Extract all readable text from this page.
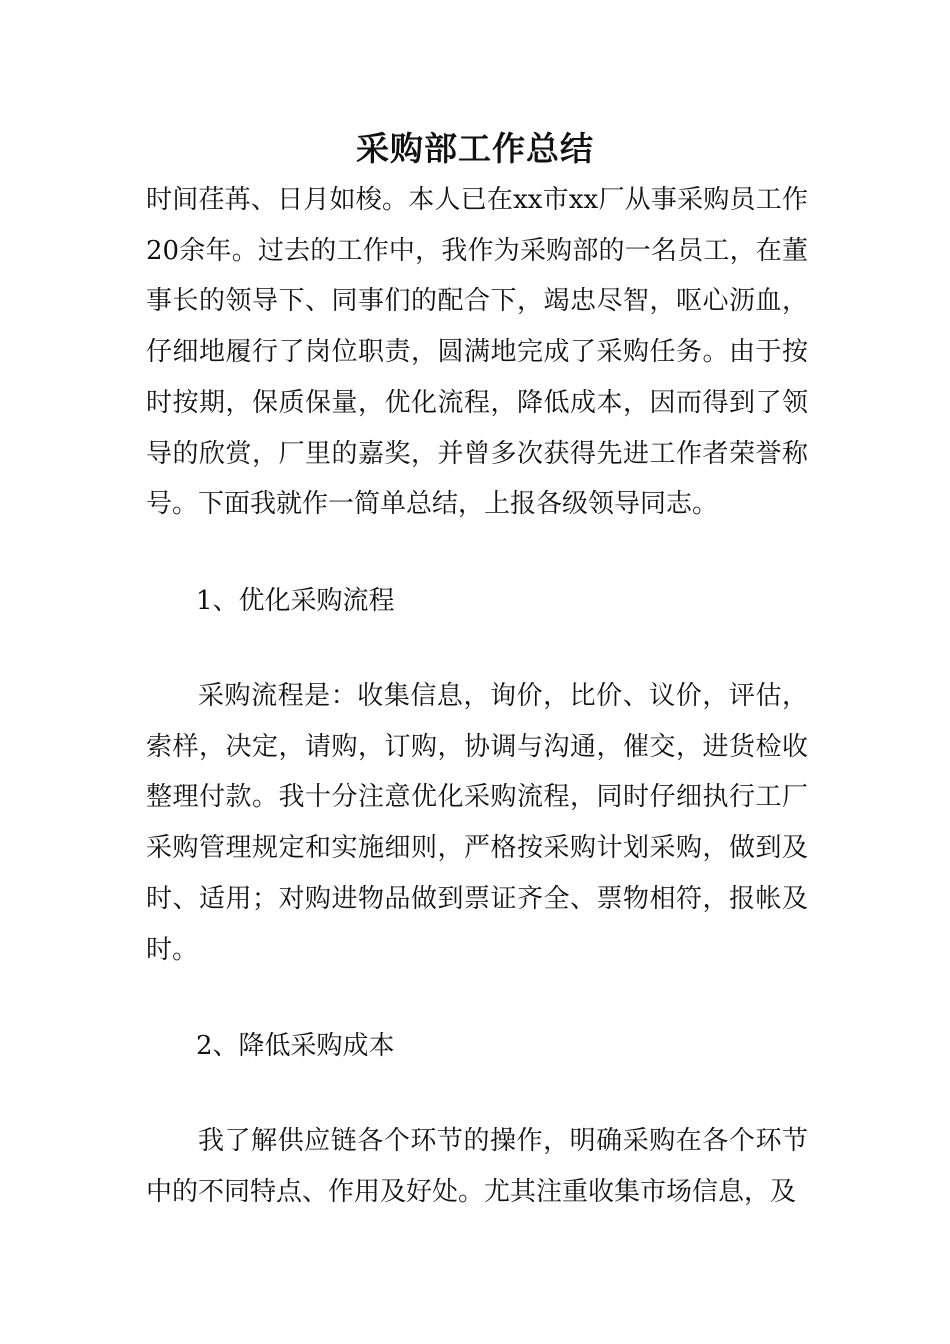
采购部工作总结

时间荏苒、日月如梭。本人已在xx市xx厂从事采购员工作20余年。过去的工作中，我作为采购部的一名员工，在董事长的领导下、同事们的配合下，竭忠尽智，呕心沥血，仔细地履行了岗位职责，圆满地完成了采购任务。由于按时按期，保质保量，优化流程，降低成本，因而得到了领导的欣赏，厂里的嘉奖，并曾多次获得先进工作者荣誉称号。下面我就作一简单总结，上报各级领导同志。

1、优化采购流程

采购流程是：收集信息，询价，比价、议价，评估，索样，决定，请购，订购，协调与沟通，催交，进货检收整理付款。我十分注意优化采购流程，同时仔细执行工厂采购管理规定和实施细则，严格按采购计划采购，做到及时、适用；对购进物品做到票证齐全、票物相符，报帐及时。

2、降低采购成本

我了解供应链各个环节的操作，明确采购在各个环节中的不同特点、作用及好处。尤其注重收集市场信息，及
